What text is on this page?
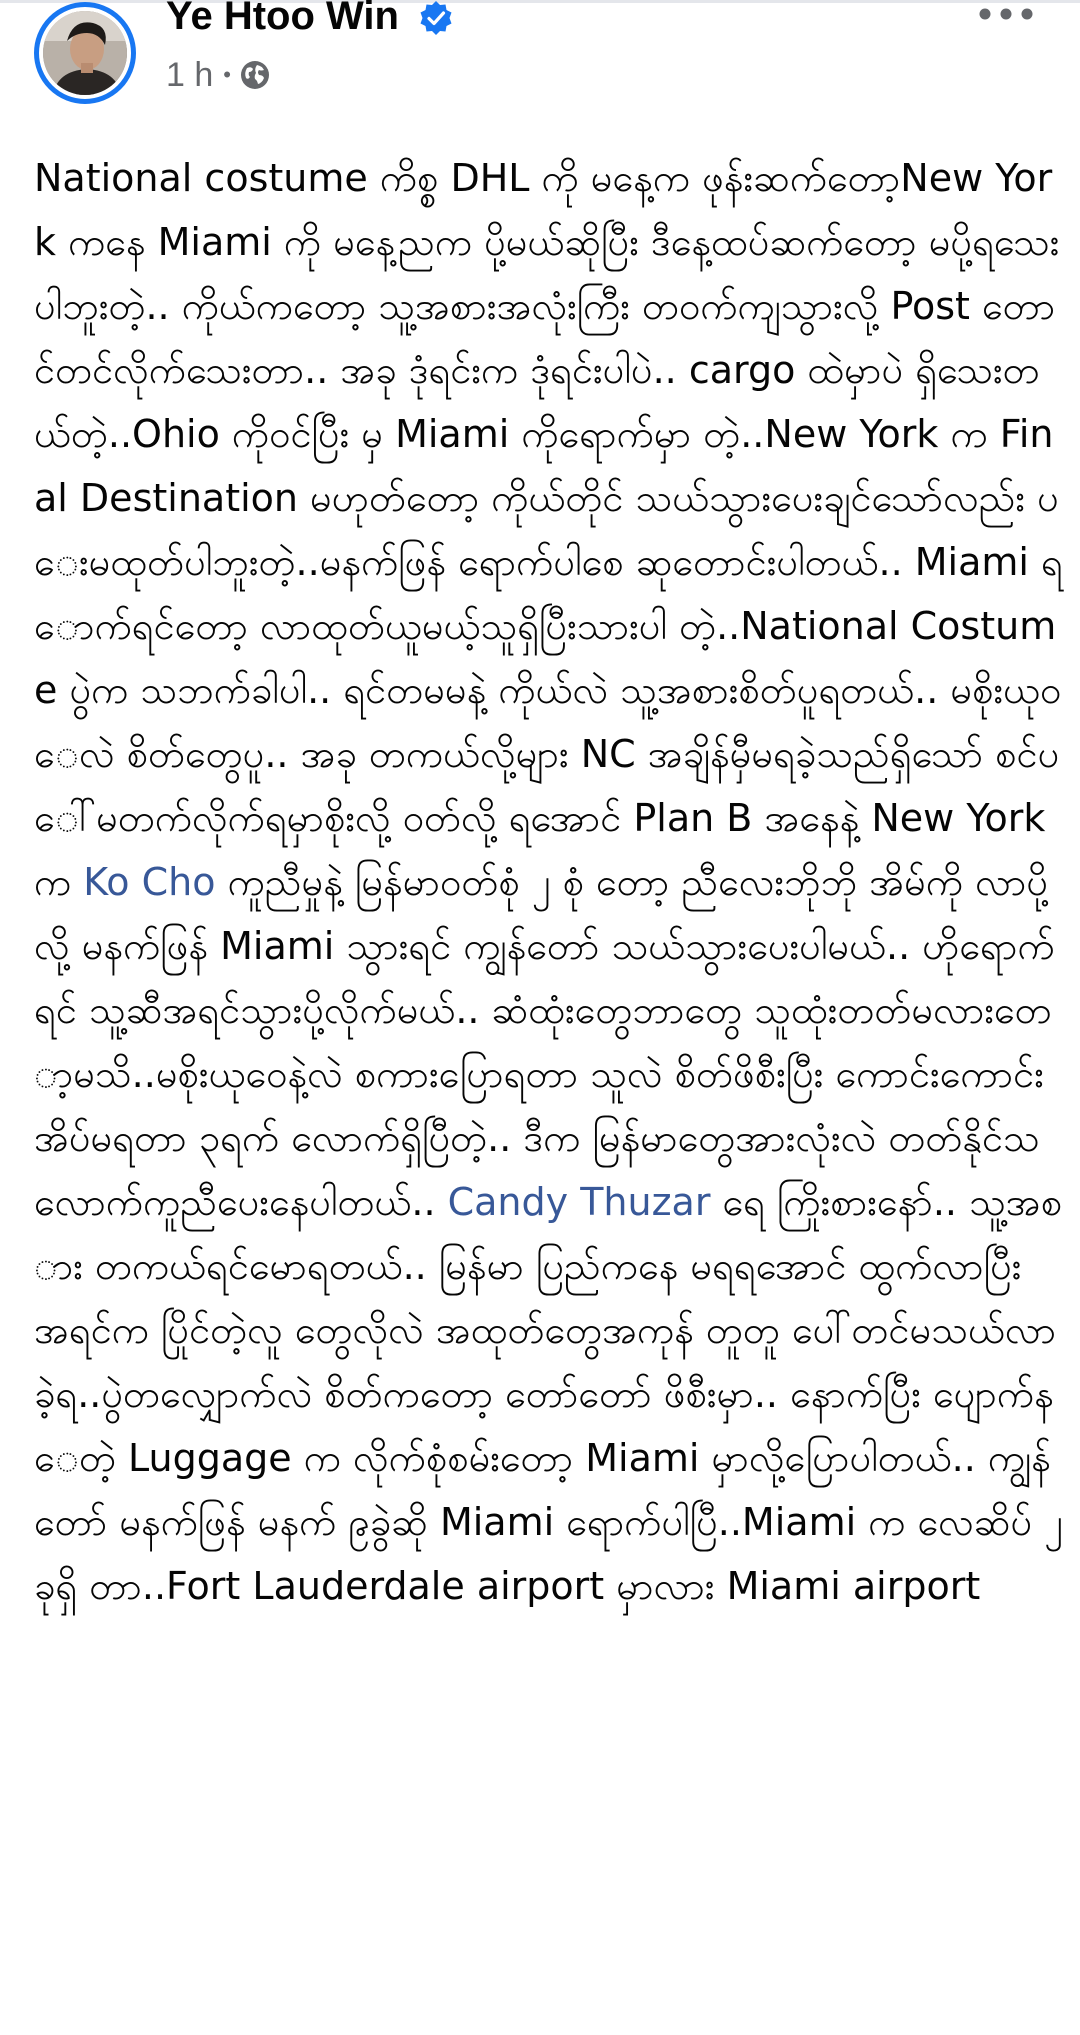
Ye Htoo Win
1 h •

National costume ကိစ္စ DHL ကို မနေ့က ဖုန်းဆက်တော့New York ကနေ Miami ကို မနေ့ညက ပို့မယ်ဆိုပြီး ဒီနေ့ထပ်ဆက်တော့ မပို့ရသေးပါဘူးတဲ့.. ကိုယ်ကတော့ သူ့အစားအလုံးကြီး တဝက်ကျသွားလို့ Post တောင်တင်လိုက်သေးတာ.. အခု ဒုံရင်းက ဒုံရင်းပါပဲ.. cargo ထဲမှာပဲ ရှိသေးတယ်တဲ့..Ohio ကိုဝင်ပြီး မှ Miami ကိုရောက်မှာ တဲ့..New York က Final Destination မဟုတ်တော့ ကိုယ်တိုင် သယ်သွားပေးချင်သော်လည်း ပေးမထုတ်ပါဘူးတဲ့..မနက်ဖြန် ရောက်ပါစေ ဆုတောင်းပါတယ်.. Miami ရောက်ရင်တော့ လာထုတ်ယူမယ့်သူရှိပြီးသားပါ တဲ့..National Costume ပွဲက သဘက်ခါပါ.. ရင်တမမနဲ့ ကိုယ်လဲ သူ့အစားစိတ်ပူရတယ်.. မစိုးယုဝေလဲ စိတ်တွေပူ.. အခု တကယ်လို့များ NC အချိန်မှီမရခဲ့သည်ရှိသော် စင်ပေါ်မတက်လိုက်ရမှာစိုးလို့ ဝတ်လို့ ရအောင် Plan B အနေနဲ့ New York က Ko Cho ကူညီမှုနဲ့ မြန်မာဝတ်စုံ ၂ စုံ တော့ ညီလေးဘိုဘို အိမ်ကို လာပို့လို့ မနက်ဖြန် Miami သွားရင် ကျွန်တော် သယ်သွားပေးပါမယ်.. ဟိုရောက်ရင် သူ့ဆီအရင်သွားပို့လိုက်မယ်.. ဆံထုံးတွေဘာတွေ သူထုံးတတ်မလားတော့မသိ..မစိုးယုဝေနဲ့လဲ စကားပြောရတာ သူလဲ စိတ်ဖိစီးပြီး ကောင်းကောင်းအိပ်မရတာ ၃ရက် လောက်ရှိပြီတဲ့.. ဒီက မြန်မာတွေအားလုံးလဲ တတ်နိုင်သ လောက်ကူညီပေးနေပါတယ်.. Candy Thuzar ရေ ကြိုးစားနော်.. သူ့အစား တကယ်ရင်မောရတယ်.. မြန်မာ ပြည်ကနေ မရရအောင် ထွက်လာပြီး အရင်က ပြိုင်တဲ့လူ တွေလိုလဲ အထုတ်တွေအကုန် တူတူ ပေါ်တင်မသယ်လာ ခဲ့ရ..ပွဲတလျှောက်လဲ စိတ်ကတော့ တော်တော် ဖိစီးမှာ.. နောက်ပြီး ပျောက်နေတဲ့ Luggage က လိုက်စုံစမ်းတော့ Miami မှာလို့ပြောပါတယ်.. ကျွန်တော် မနက်ဖြန် မနက် ၉ခွဲဆို Miami ရောက်ပါပြီ..Miami က လေဆိပ် ၂ခုရှိ တာ..Fort Lauderdale airport မှာလား Miami airport
